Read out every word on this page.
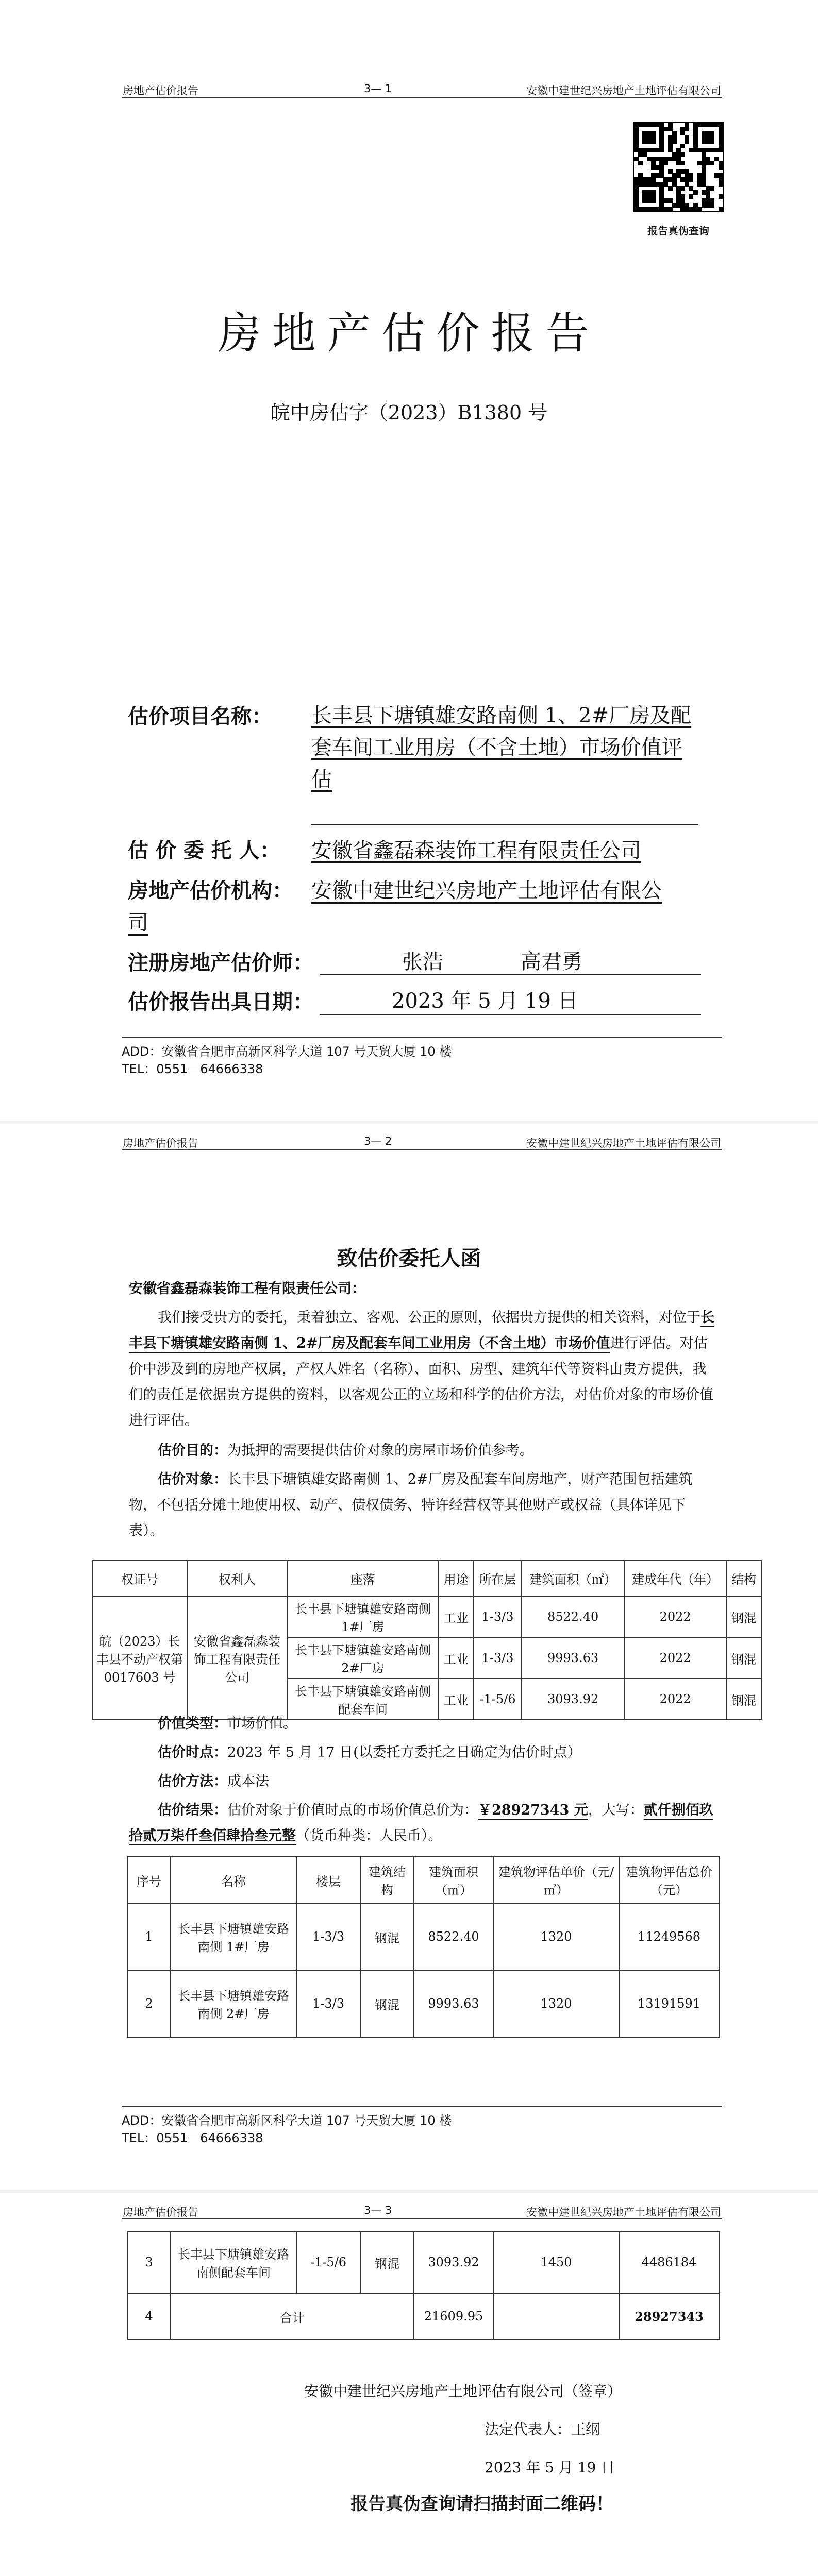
房地产估价报告	3— 1	安徽中建世纪兴房地产土地评估有限公司
报告真伪查询
房地产估价报告
皖中房估字（2023）B1380 号
估价项目名称： 长丰县下塘镇雄安路南侧 1、2#厂房及配
套车间工业用房（不含土地）市场价值评
估
估 价 委 托 人： 安徽省鑫磊森装饰工程有限责任公司
房地产估价机构： 安徽中建世纪兴房地产土地评估有限公
司
注册房地产估价师：	张浩	高君勇
估价报告出具日期：	2023 年 5 月 19 日
ADD：安徽省合肥市高新区科学大道 107 号天贸大厦 10 楼
TEL：0551－64666338
房地产估价报告	3— 2	安徽中建世纪兴房地产土地评估有限公司
致估价委托人函
安徽省鑫磊森装饰工程有限责任公司：
我们接受贵方的委托，秉着独立、客观、公正的原则，依据贵方提供的相关资料，对位于长丰县下塘镇雄安路南侧 1、2#厂房及配套车间工业用房（不含土地）市场价值进行评估。对估价中涉及到的房地产权属，产权人姓名（名称）、面积、房型、建筑年代等资料由贵方提供，我们的责任是依据贵方提供的资料，以客观公正的立场和科学的估价方法，对估价对象的市场价值进行评估。
估价目的：为抵押的需要提供估价对象的房屋市场价值参考。
估价对象：长丰县下塘镇雄安路南侧 1、2#厂房及配套车间房地产，财产范围包括建筑物，不包括分摊土地使用权、动产、债权债务、特许经营权等其他财产或权益（具体详见下表）。
权证号	权利人	座落	用途	所在层	建筑面积（㎡）	建成年代（年）	结构
皖（2023）长丰县不动产权第 0017603 号	安徽省鑫磊森装饰工程有限责任公司	长丰县下塘镇雄安路南侧 1#厂房	工业	1-3/3	8522.40	2022	钢混
		长丰县下塘镇雄安路南侧 2#厂房	工业	1-3/3	9993.63	2022	钢混
		长丰县下塘镇雄安路南侧配套车间	工业	-1-5/6	3093.92	2022	钢混
价值类型：市场价值。
估价时点：2023 年 5 月 17 日(以委托方委托之日确定为估价时点）
估价方法：成本法
估价结果：估价对象于价值时点的市场价值总价为：￥28927343 元，大写：贰仟捌佰玖拾贰万柒仟叁佰肆拾叁元整（货币种类：人民币）。
序号	名称	楼层	建筑结构	建筑面积（㎡）	建筑物评估单价（元/㎡）	建筑物评估总价（元）
1	长丰县下塘镇雄安路南侧 1#厂房	1-3/3	钢混	8522.40	1320	11249568
2	长丰县下塘镇雄安路南侧 2#厂房	1-3/3	钢混	9993.63	1320	13191591
ADD：安徽省合肥市高新区科学大道 107 号天贸大厦 10 楼
TEL：0551－64666338
房地产估价报告	3— 3	安徽中建世纪兴房地产土地评估有限公司
3	长丰县下塘镇雄安路南侧配套车间	-1-5/6	钢混	3093.92	1450	4486184
4	合计			21609.95		28927343
安徽中建世纪兴房地产土地评估有限公司（签章）
法定代表人：王纲
2023 年 5 月 19 日
报告真伪查询请扫描封面二维码！
